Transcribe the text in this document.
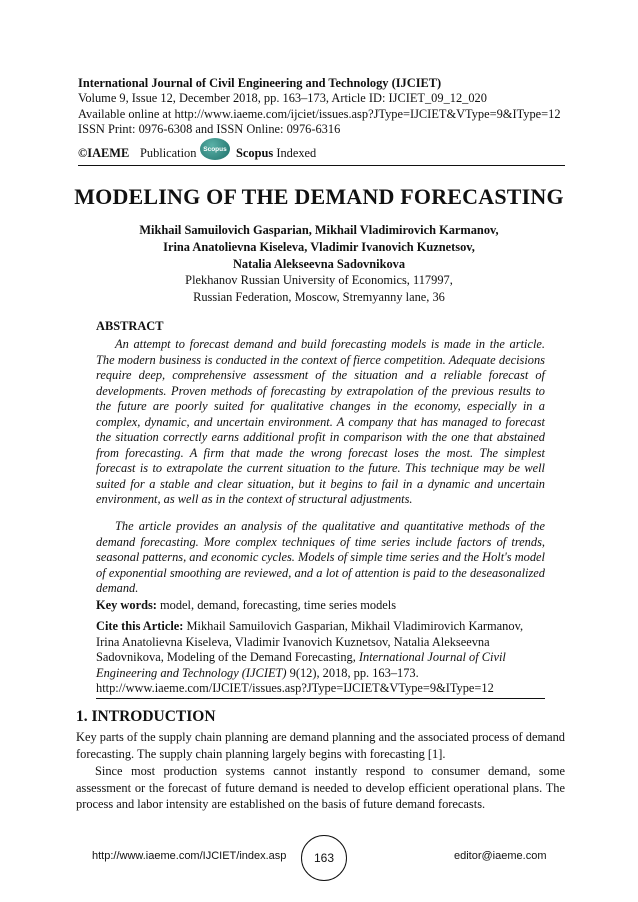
International Journal of Civil Engineering and Technology (IJCIET)
Volume 9, Issue 12, December 2018, pp. 163–173, Article ID: IJCIET_09_12_020
Available online at http://www.iaeme.com/ijciet/issues.asp?JType=IJCIET&VType=9&IType=12
ISSN Print: 0976-6308 and ISSN Online: 0976-6316
©IAEME Publication	Scopus Scopus Indexed
MODELING OF THE DEMAND FORECASTING
Mikhail Samuilovich Gasparian, Mikhail Vladimirovich Karmanov,
Irina Anatolievna Kiseleva, Vladimir Ivanovich Kuznetsov,
Natalia Alekseevna Sadovnikova
Plekhanov Russian University of Economics, 117997,
Russian Federation, Moscow, Stremyanny lane, 36
ABSTRACT

An attempt to forecast demand and build forecasting models is made in the article. The modern business is conducted in the context of fierce competition. Adequate decisions require deep, comprehensive assessment of the situation and a reliable forecast of developments. Proven methods of forecasting by extrapolation of the previous results to the future are poorly suited for qualitative changes in the economy, especially in a complex, dynamic, and uncertain environment. A company that has managed to forecast the situation correctly earns additional profit in comparison with the one that abstained from forecasting. A firm that made the wrong forecast loses the most. The simplest forecast is to extrapolate the current situation to the future. This technique may be well suited for a stable and clear situation, but it begins to fail in a dynamic and uncertain environment, as well as in the context of structural adjustments.

The article provides an analysis of the qualitative and quantitative methods of the demand forecasting. More complex techniques of time series include factors of trends, seasonal patterns, and economic cycles. Models of simple time series and the Holt's model of exponential smoothing are reviewed, and a lot of attention is paid to the deseasonalized demand.

Key words: model, demand, forecasting, time series models
Cite this Article: Mikhail Samuilovich Gasparian, Mikhail Vladimirovich Karmanov, Irina Anatolievna Kiseleva, Vladimir Ivanovich Kuznetsov, Natalia Alekseevna Sadovnikova, Modeling of the Demand Forecasting, International Journal of Civil Engineering and Technology (IJCIET) 9(12), 2018, pp. 163–173.
http://www.iaeme.com/IJCIET/issues.asp?JType=IJCIET&VType=9&IType=12
1. INTRODUCTION

Key parts of the supply chain planning are demand planning and the associated process of demand forecasting. The supply chain planning largely begins with forecasting [1].

Since most production systems cannot instantly respond to consumer demand, some assessment or the forecast of future demand is needed to develop efficient operational plans. The process and labor intensity are established on the basis of future demand forecasts.

http://www.iaeme.com/IJCIET/index.asp	163	editor@iaeme.com
